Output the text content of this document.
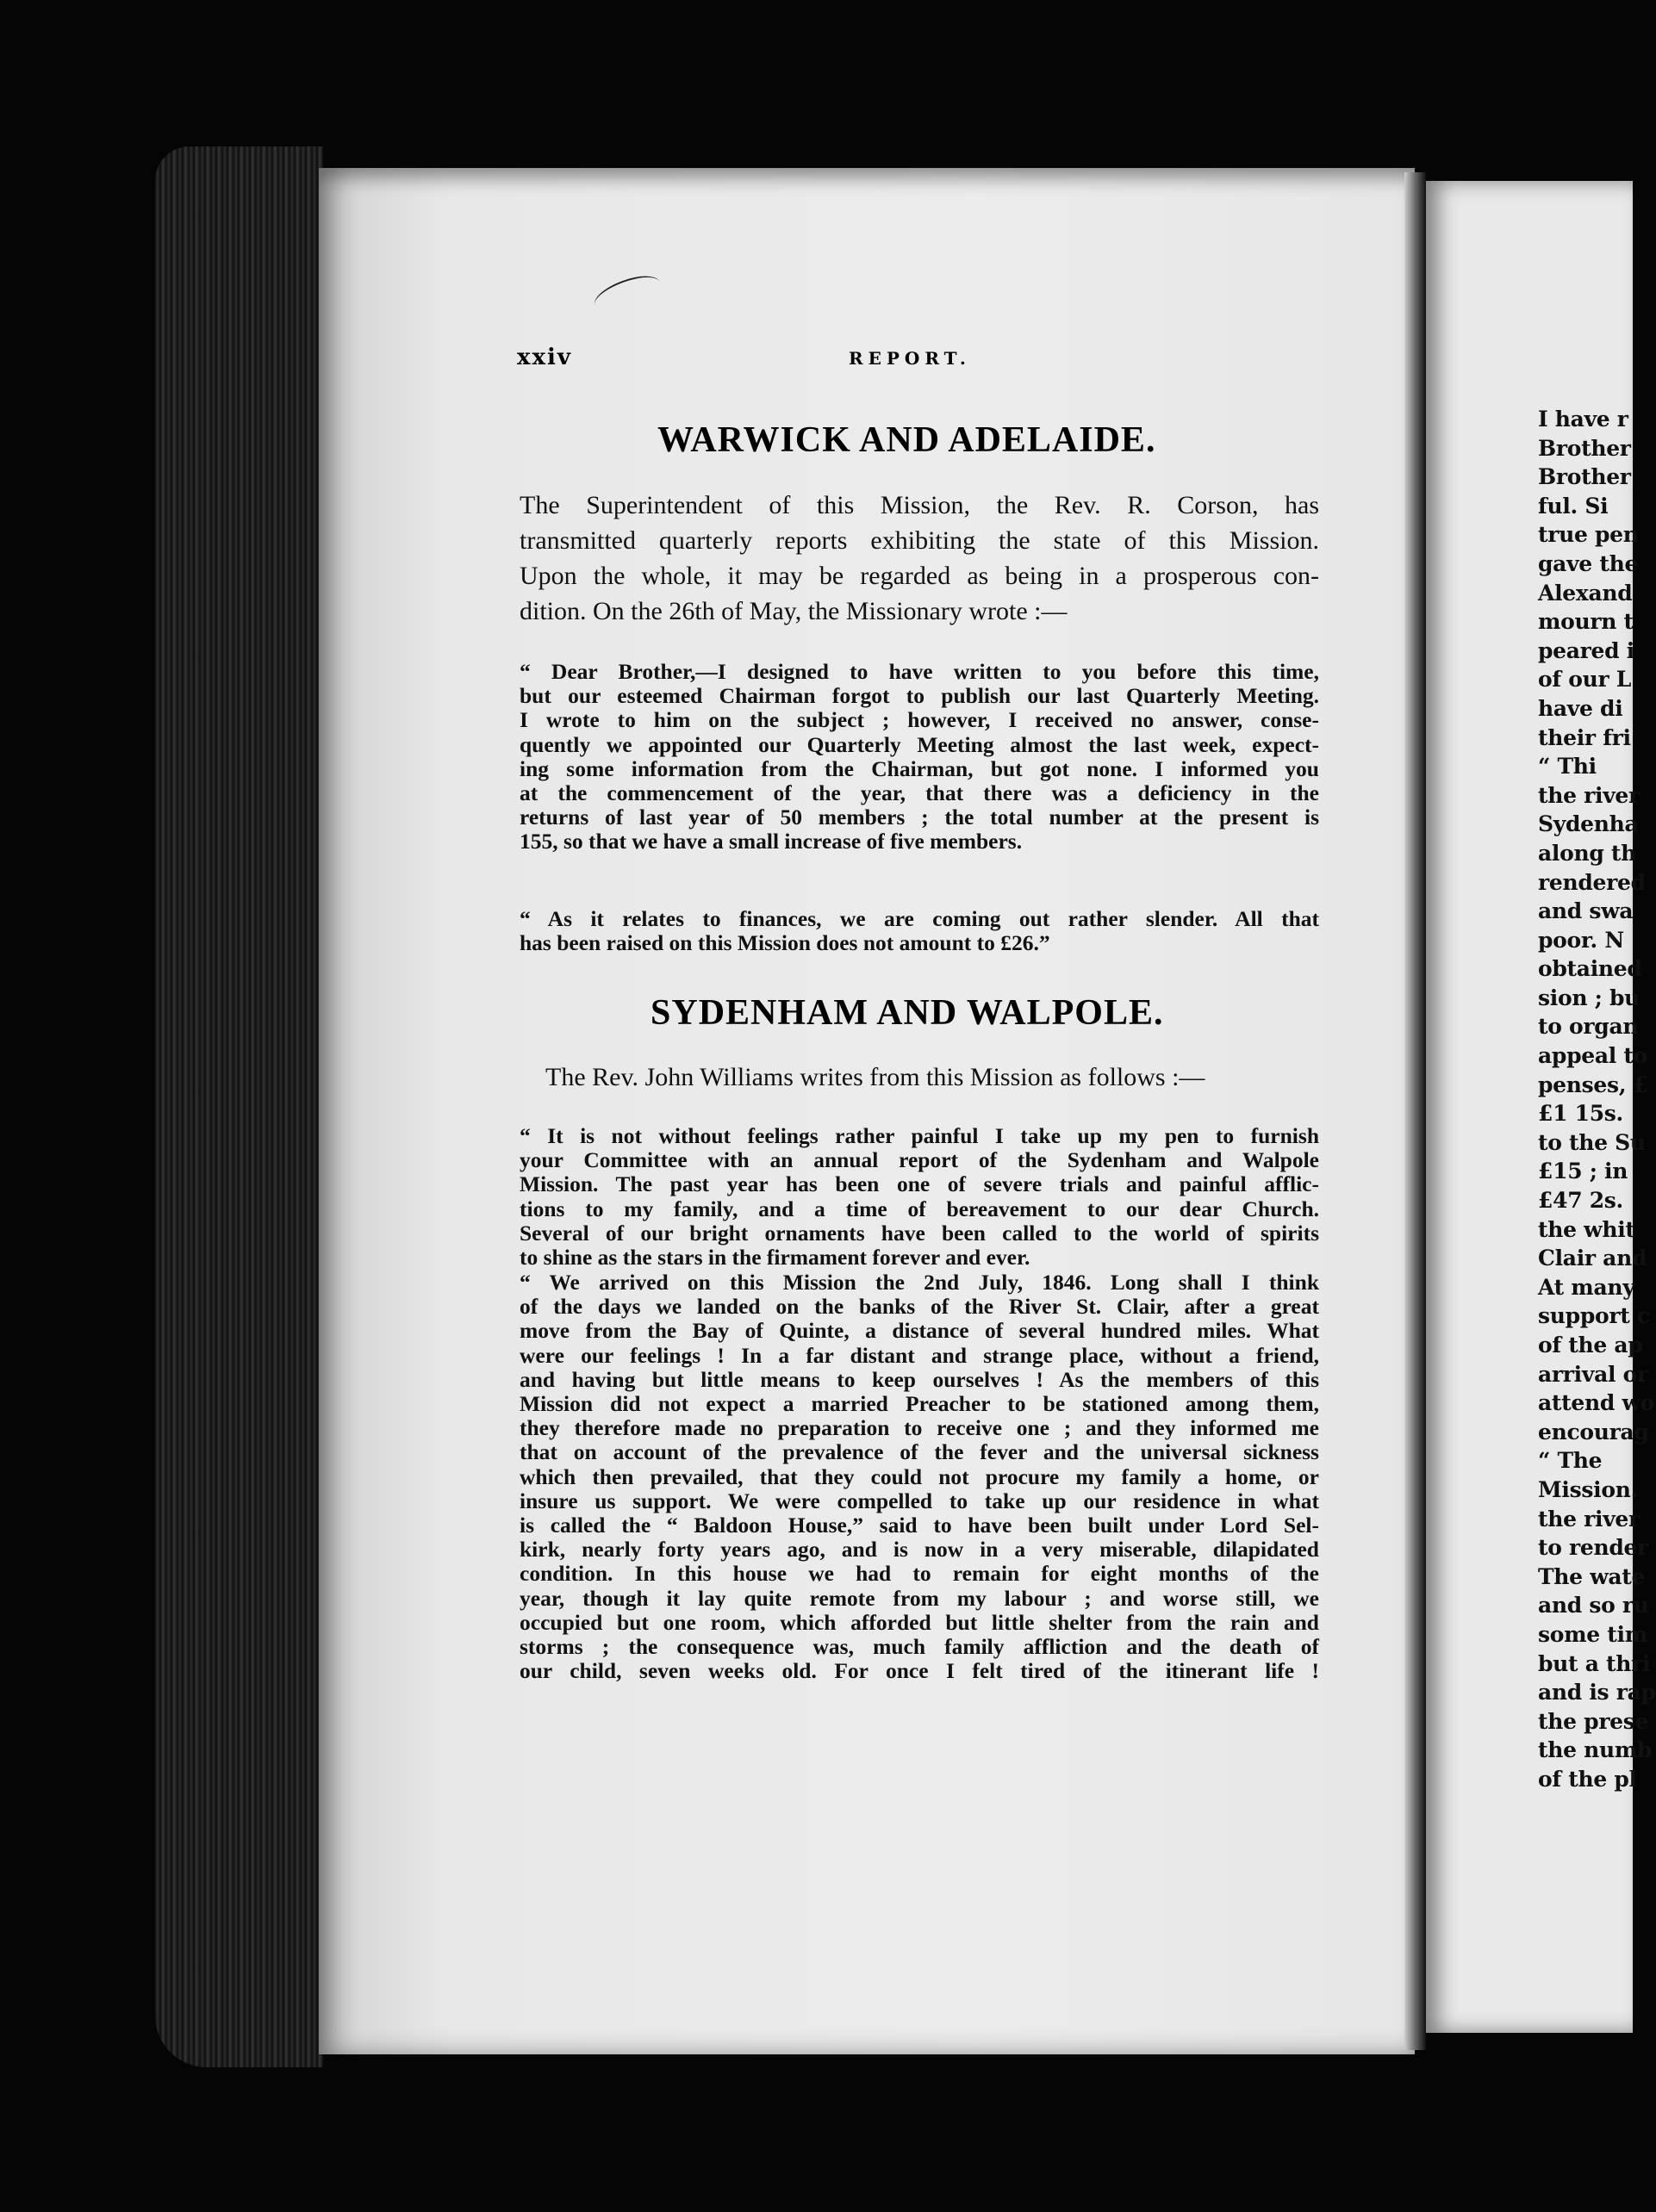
I have r
Brother
Brother
ful. Si
true pen
gave the
Alexand
mourn t
peared i
of our L
have di
their fri
“ Thi
the river
Sydenha
along th
rendered
and swa
poor. N
obtained
sion ; bu
to organ
appeal to
penses, £
£1 15s.
to the Su
£15 ; in
£47 2s.
the whit
Clair and
At many
support c
of the ap
arrival or
attend wo
encourag
“ The
Mission.
the river
to render
The wate
and so ru
some tim
but a thri
and is rap
the prese
the numb
of the pl
xxiv	REPORT.
WARWICK AND ADELAIDE.

The Superintendent of this Mission, the Rev. R. Corson, has
transmitted quarterly reports exhibiting the state of this Mission.
Upon the whole, it may be regarded as being in a prosperous con-
dition. On the 26th of May, the Missionary wrote :—

“ Dear Brother,—I designed to have written to you before this time,
but our esteemed Chairman forgot to publish our last Quarterly Meeting.
I wrote to him on the subject ; however, I received no answer, conse-
quently we appointed our Quarterly Meeting almost the last week, expect-
ing some information from the Chairman, but got none. I informed you
at the commencement of the year, that there was a deficiency in the
returns of last year of 50 members ; the total number at the present is
155, so that we have a small increase of five members.

“ As it relates to finances, we are coming out rather slender. All that
has been raised on this Mission does not amount to £26.”

SYDENHAM AND WALPOLE.

The Rev. John Williams writes from this Mission as follows :—

“ It is not without feelings rather painful I take up my pen to furnish
your Committee with an annual report of the Sydenham and Walpole
Mission. The past year has been one of severe trials and painful afflic-
tions to my family, and a time of bereavement to our dear Church.
Several of our bright ornaments have been called to the world of spirits
to shine as the stars in the firmament forever and ever.

“ We arrived on this Mission the 2nd July, 1846. Long shall I think
of the days we landed on the banks of the River St. Clair, after a great
move from the Bay of Quinte, a distance of several hundred miles. What
were our feelings ! In a far distant and strange place, without a friend,
and having but little means to keep ourselves ! As the members of this
Mission did not expect a married Preacher to be stationed among them,
they therefore made no preparation to receive one ; and they informed me
that on account of the prevalence of the fever and the universal sickness
which then prevailed, that they could not procure my family a home, or
insure us support. We were compelled to take up our residence in what
is called the “ Baldoon House,” said to have been built under Lord Sel-
kirk, nearly forty years ago, and is now in a very miserable, dilapidated
condition. In this house we had to remain for eight months of the
year, though it lay quite remote from my labour ; and worse still, we
occupied but one room, which afforded but little shelter from the rain and
storms ; the consequence was, much family affliction and the death of
our child, seven weeks old. For once I felt tired of the itinerant life !
